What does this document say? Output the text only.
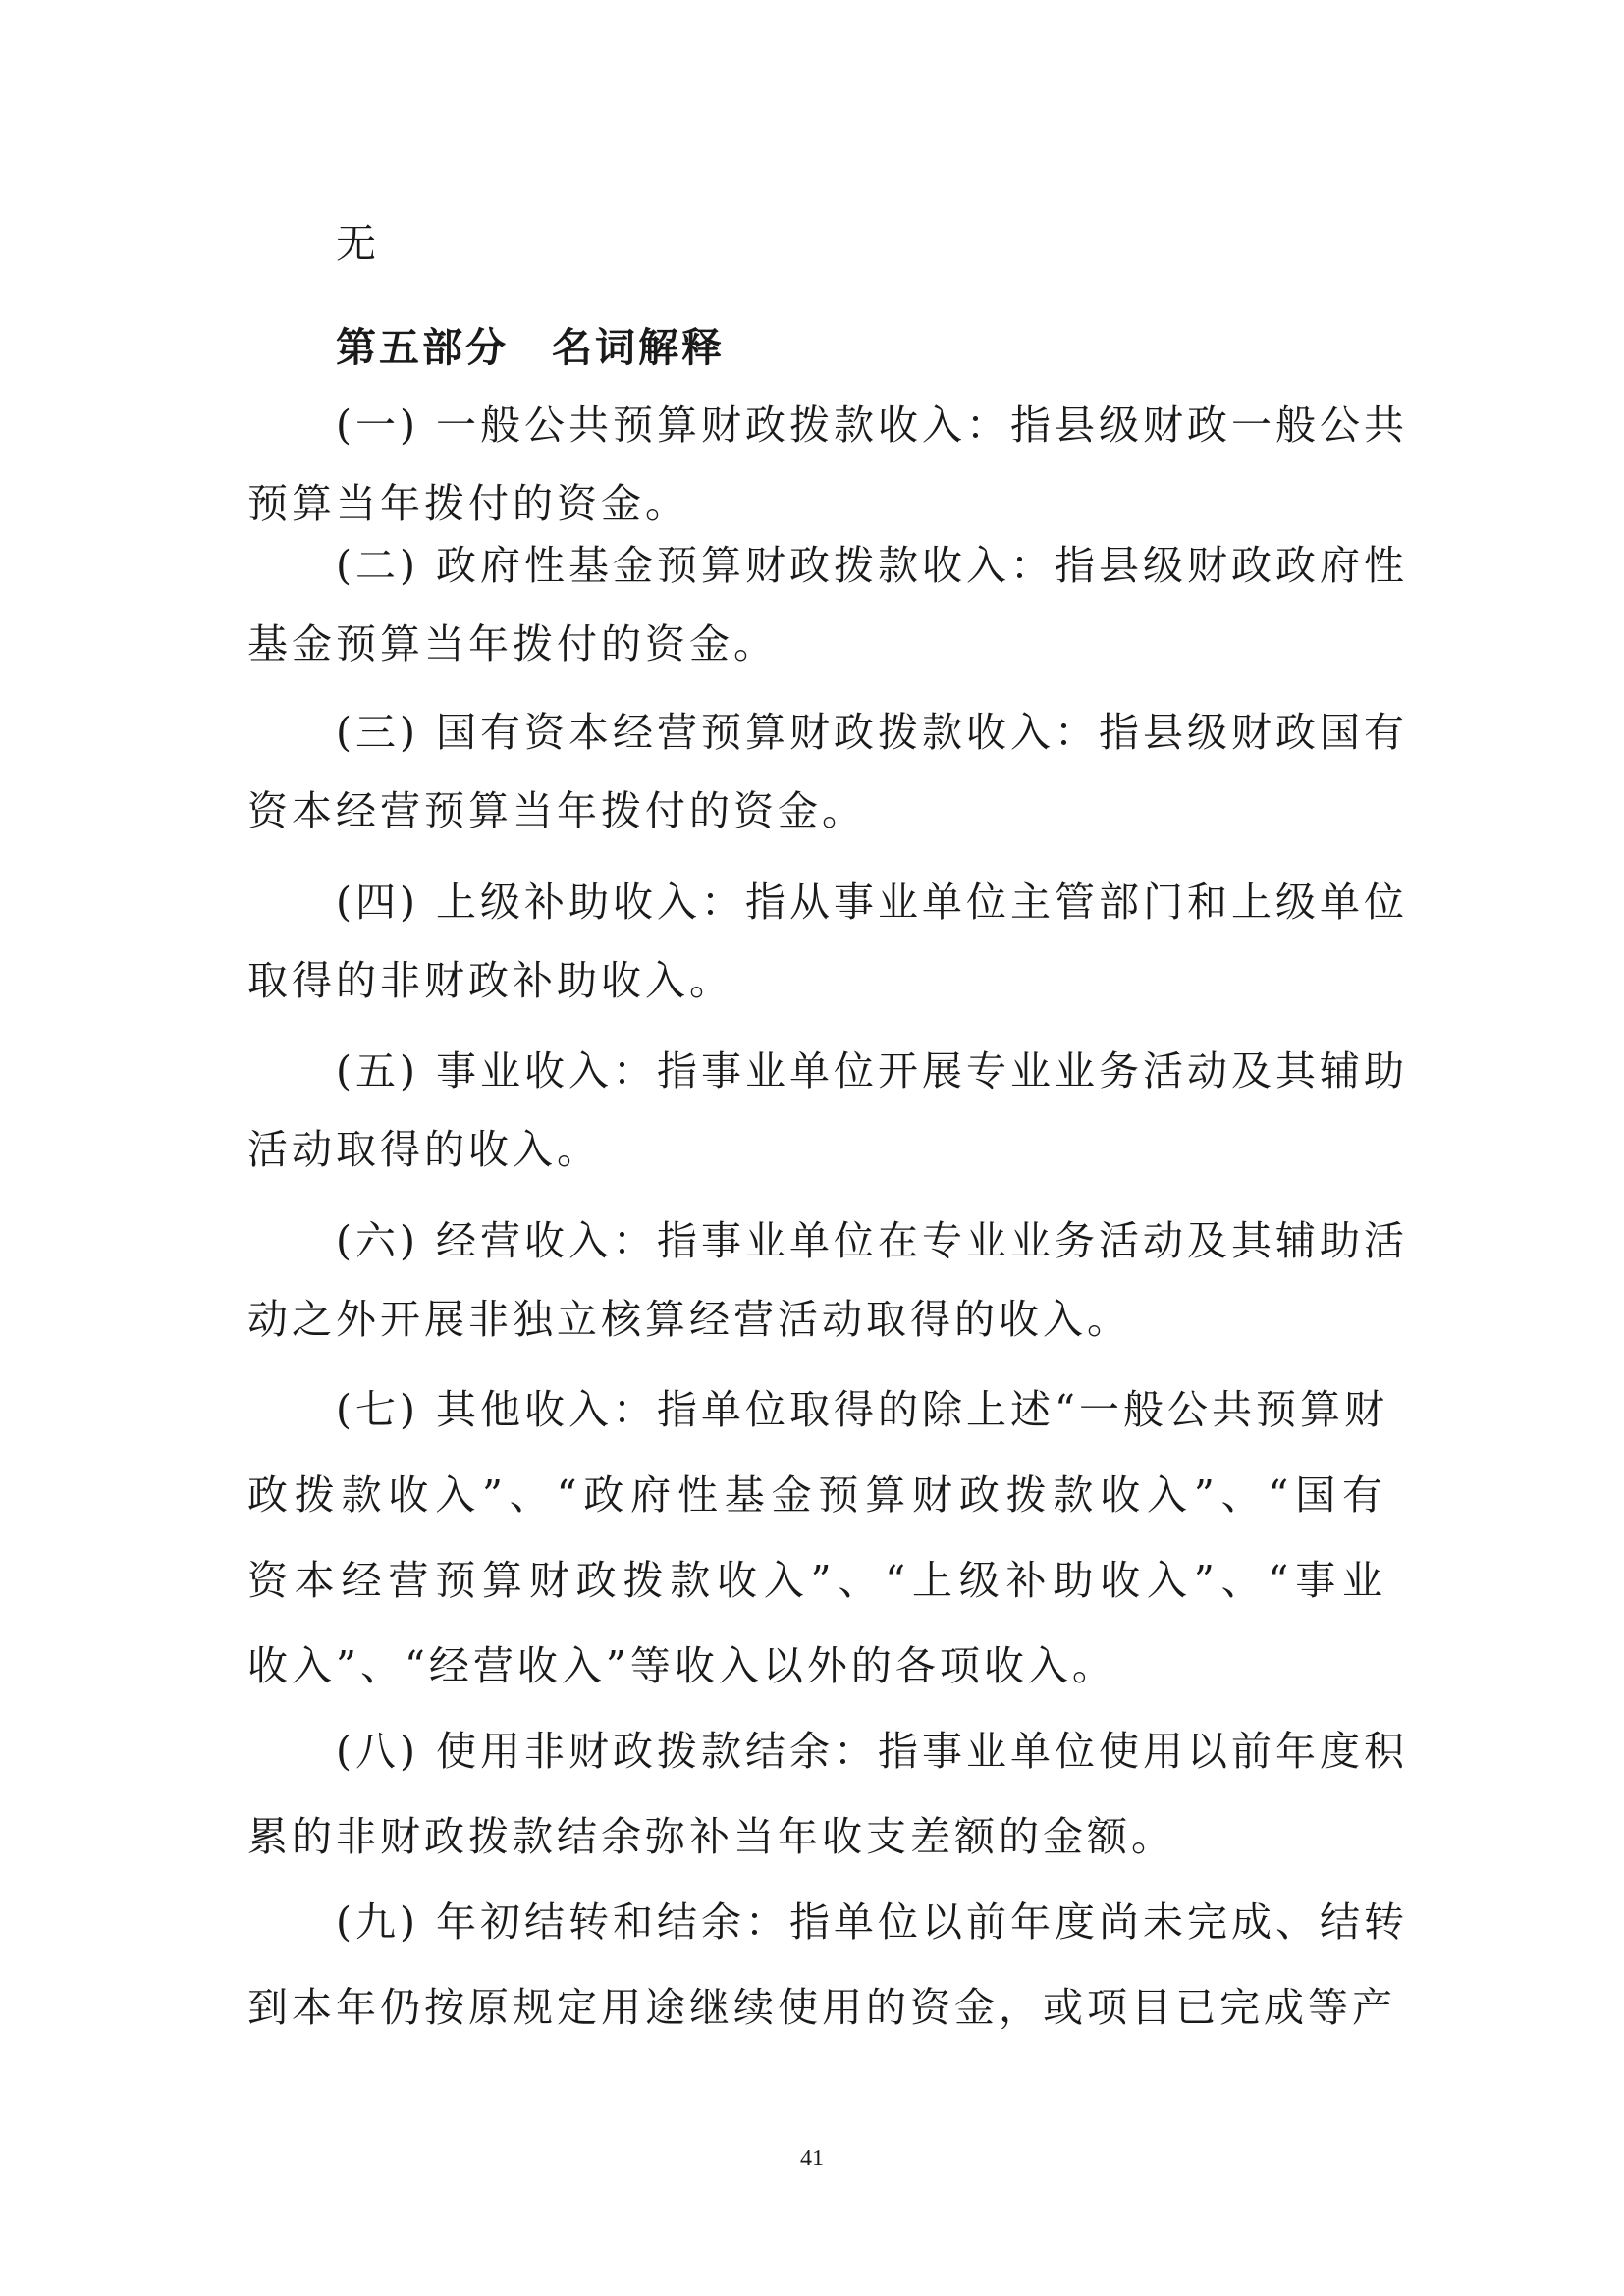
无
第五部分　名词解释
(一) 一般公共预算财政拨款收入：指县级财政一般公共
预算当年拨付的资金。
(二) 政府性基金预算财政拨款收入：指县级财政政府性
基金预算当年拨付的资金。
(三) 国有资本经营预算财政拨款收入：指县级财政国有
资本经营预算当年拨付的资金。
(四) 上级补助收入：指从事业单位主管部门和上级单位
取得的非财政补助收入。
(五) 事业收入：指事业单位开展专业业务活动及其辅助
活动取得的收入。
(六) 经营收入：指事业单位在专业业务活动及其辅助活
动之外开展非独立核算经营活动取得的收入。
(七) 其他收入：指单位取得的除上述“一般公共预算财
政拨款收入”、“政府性基金预算财政拨款收入”、“国有
资本经营预算财政拨款收入”、“上级补助收入”、“事业
收入”、“经营收入”等收入以外的各项收入。
(八) 使用非财政拨款结余：指事业单位使用以前年度积
累的非财政拨款结余弥补当年收支差额的金额。
(九) 年初结转和结余：指单位以前年度尚未完成、结转
到本年仍按原规定用途继续使用的资金，或项目已完成等产
41
